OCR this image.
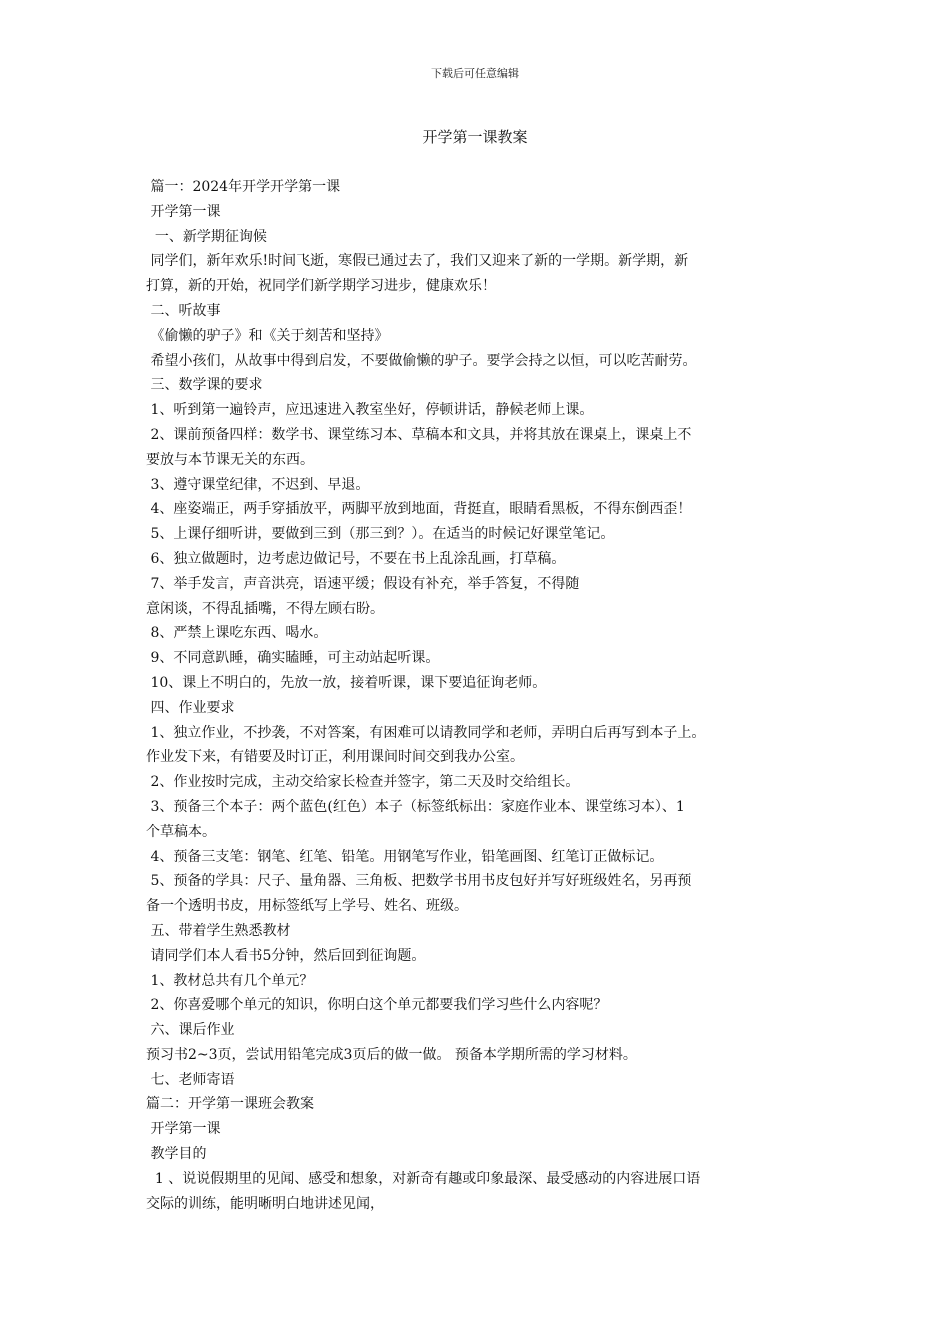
下载后可任意编辑
开学第一课教案
篇一：2024年开学开学第一课
开学第一课
一、新学期征询候
同学们，新年欢乐!时间飞逝，寒假已通过去了，我们又迎来了新的一学期。新学期，新
打算，新的开始，祝同学们新学期学习进步，健康欢乐！
二、听故事
《偷懒的驴子》和《关于刻苦和坚持》
希望小孩们，从故事中得到启发，不要做偷懒的驴子。要学会持之以恒，可以吃苦耐劳。
三、数学课的要求
1、听到第一遍铃声，应迅速进入教室坐好，停顿讲话，静候老师上课。
2、课前预备四样：数学书、课堂练习本、草稿本和文具，并将其放在课桌上，课桌上不
要放与本节课无关的东西。
3、遵守课堂纪律，不迟到、早退。
4、座姿端正，两手穿插放平，两脚平放到地面，背挺直，眼睛看黑板，不得东倒西歪！
5、上课仔细听讲，要做到三到（那三到？）。在适当的时候记好课堂笔记。
6、独立做题时，边考虑边做记号，不要在书上乱涂乱画，打草稿。
7、举手发言，声音洪亮，语速平缓；假设有补充，举手答复，不得随
意闲谈，不得乱插嘴，不得左顾右盼。
8、严禁上课吃东西、喝水。
9、不同意趴睡，确实瞌睡，可主动站起听课。
10、课上不明白的，先放一放，接着听课，课下要追征询老师。
四、作业要求
1、独立作业，不抄袭，不对答案，有困难可以请教同学和老师，弄明白后再写到本子上。
作业发下来，有错要及时订正，利用课间时间交到我办公室。
2、作业按时完成，主动交给家长检查并签字，第二天及时交给组长。
3、预备三个本子：两个蓝色(红色）本子（标签纸标出：家庭作业本、课堂练习本）、1
个草稿本。
4、预备三支笔：钢笔、红笔、铅笔。用钢笔写作业，铅笔画图、红笔订正做标记。
5、预备的学具：尺子、量角器、三角板、把数学书用书皮包好并写好班级姓名，另再预
备一个透明书皮，用标签纸写上学号、姓名、班级。
五、带着学生熟悉教材
请同学们本人看书5分钟，然后回到征询题。
1、教材总共有几个单元？
2、你喜爱哪个单元的知识，你明白这个单元都要我们学习些什么内容呢？
六、课后作业
预习书2~3页，尝试用铅笔完成3页后的做一做。 预备本学期所需的学习材料。
七、老师寄语
篇二：开学第一课班会教案
开学第一课
教学目的
1 、说说假期里的见闻、感受和想象，对新奇有趣或印象最深、最受感动的内容进展口语
交际的训练，能明晰明白地讲述见闻，
